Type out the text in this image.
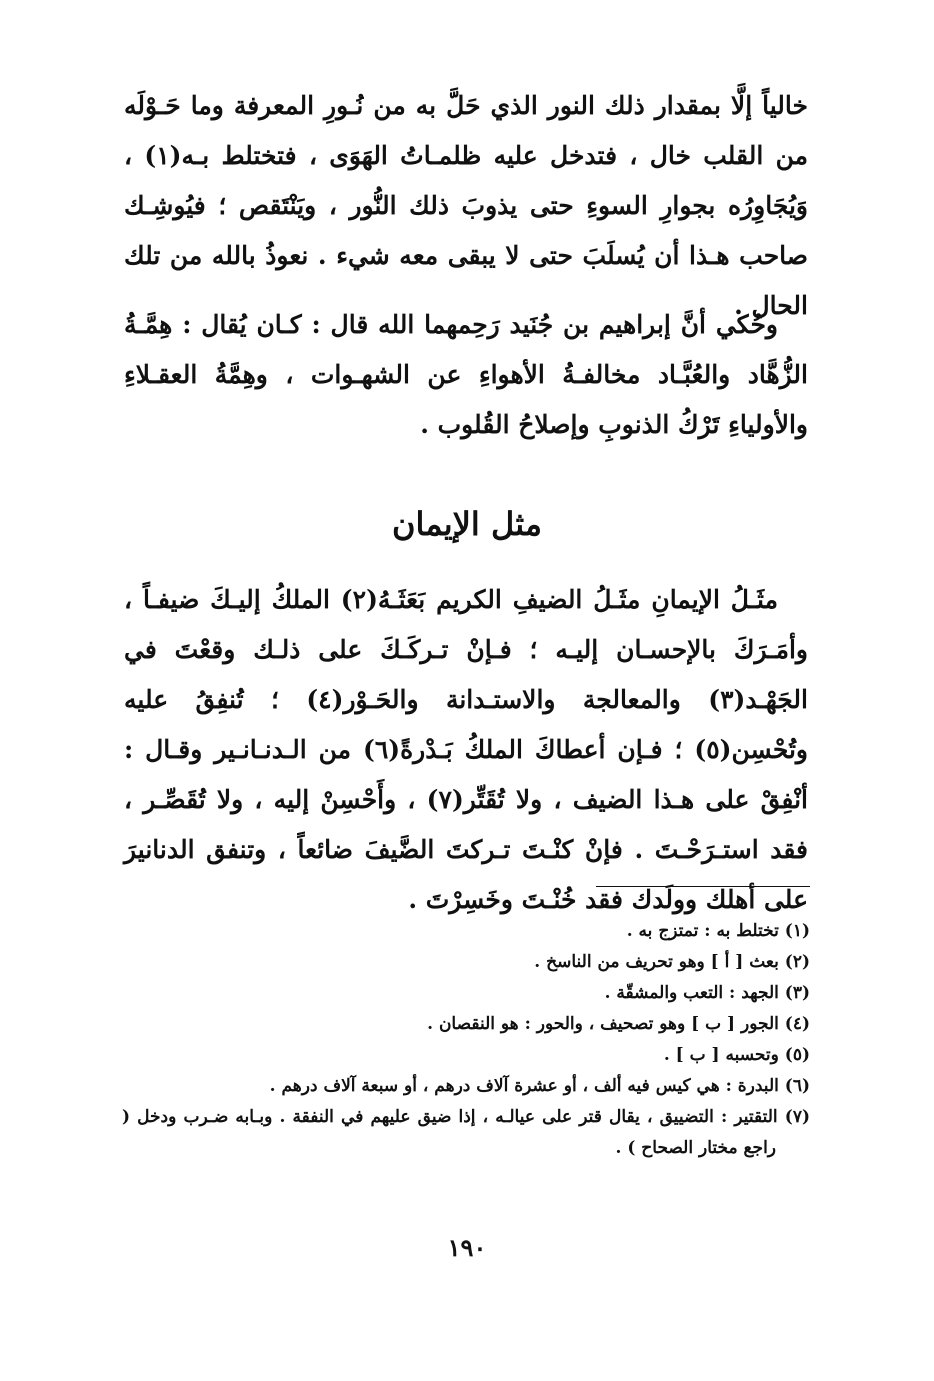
خالياً إلَّا بمقدار ذلك النور الذي حَلَّ به من نُـورِ المعرفة وما حَـوْلَه من القلب خال ، فتدخل عليه ظلمـاتُ الهَوَى ، فتختلط بـه(١) ، وَيُجَاوِرُه بجوارِ السوءِ حتى يذوبَ ذلك النُّور ، ويَنْتَقص ؛ فيُوشِـك صاحب هـذا أن يُسلَبَ حتى لا يبقى معه شيء . نعوذُ بالله من تلك الحال .
وحُكي أنَّ إبراهيم بن جُنَيد رَحِمهما الله قال : كـان يُقال : هِمَّـةُ الزُّهَّاد والعُبَّـاد مخالفـةُ الأهواءِ عن الشهـوات ، وهِمَّةُ العقـلاءِ والأولياءِ تَرْكُ الذنوبِ وإصلاحُ القُلوب .
مثل الإيمان
مثَـلُ الإيمانِ مثَـلُ الضيفِ الكريم بَعَثَـهُ(٢) الملكُ إليـكَ ضيفـاً ، وأمَـرَكَ بالإحسـان إليـه ؛ فـإنْ تـركَـكَ على ذلـك وقعْتَ في الجَهْـد(٣) والمعالجة والاستـدانة والحَـوْر(٤) ؛ تُنفِقُ عليه وتُحْسِن(٥) ؛ فـإن أعطاكَ الملكُ بَـدْرةً(٦) من الـدنـانـير وقـال : أنْفِقْ على هـذا الضيف ، ولا تُقَتِّر(٧) ، وأَحْسِنْ إليه ، ولا تُقَصِّـر ، فقد استـرَحْـتَ . فإنْ كنْـتَ تـركتَ الضَّيفَ ضائعاً ، وتنفق الدنانيرَ على أهلك وولَدك فقد خُنْـتَ وخَسِرْتَ .

(١) تختلط به : تمتزج به .

(٢) بعث [ أ ] وهو تحريف من الناسخ .

(٣) الجهد : التعب والمشقّة .

(٤) الجور [ ب ] وهو تصحيف ، والحور : هو النقصان .

(٥) وتحسبه [ ب ] .

(٦) البدرة : هي كيس فيه ألف ، أو عشرة آلاف درهم ، أو سبعة آلاف درهم .

(٧) التقتير : التضييق ، يقال قتر على عيالـه ، إذا ضيق عليهم في النفقة . وبـابه ضـرب ودخل ( راجع مختار الصحاح ) .

١٩٠
